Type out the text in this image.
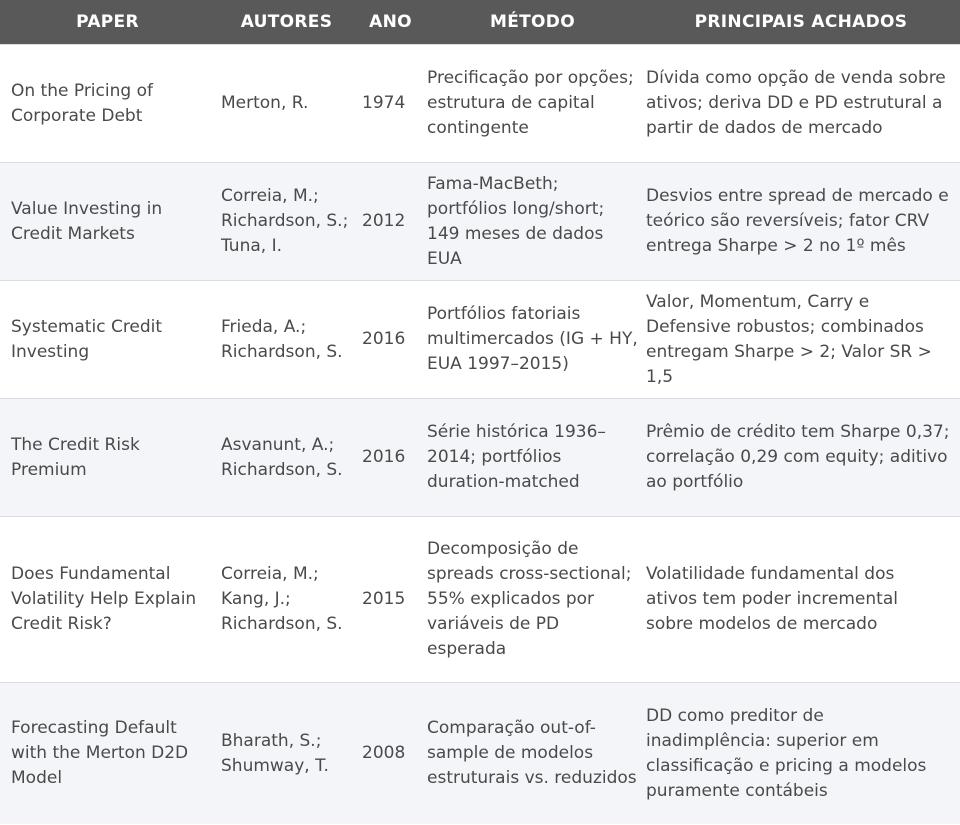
PAPER	AUTORES	ANO	MÉTODO	PRINCIPAIS ACHADOS
On the Pricing of Corporate Debt	Merton, R.	1974	Precificação por opções; estrutura de capital contingente	Dívida como opção de venda sobre ativos; deriva DD e PD estrutural a partir de dados de mercado
Value Investing in Credit Markets	Correia, M.; Richardson, S.; Tuna, I.	2012	Fama-MacBeth; portfólios long/short; 149 meses de dados EUA	Desvios entre spread de mercado e teórico são reversíveis; fator CRV entrega Sharpe > 2 no 1º mês
Systematic Credit Investing	Frieda, A.; Richardson, S.	2016	Portfólios fatoriais multimercados (IG + HY, EUA 1997–2015)	Valor, Momentum, Carry e Defensive robustos; combinados entregam Sharpe > 2; Valor SR > 1,5
The Credit Risk Premium	Asvanunt, A.; Richardson, S.	2016	Série histórica 1936–2014; portfólios duration-matched	Prêmio de crédito tem Sharpe 0,37; correlação 0,29 com equity; aditivo ao portfólio
Does Fundamental Volatility Help Explain Credit Risk?	Correia, M.; Kang, J.; Richardson, S.	2015	Decomposição de spreads cross-sectional; 55% explicados por variáveis de PD esperada	Volatilidade fundamental dos ativos tem poder incremental sobre modelos de mercado
Forecasting Default with the Merton D2D Model	Bharath, S.; Shumway, T.	2008	Comparação out-of-sample de modelos estruturais vs. reduzidos	DD como preditor de inadimplência: superior em classificação e pricing a modelos puramente contábeis
